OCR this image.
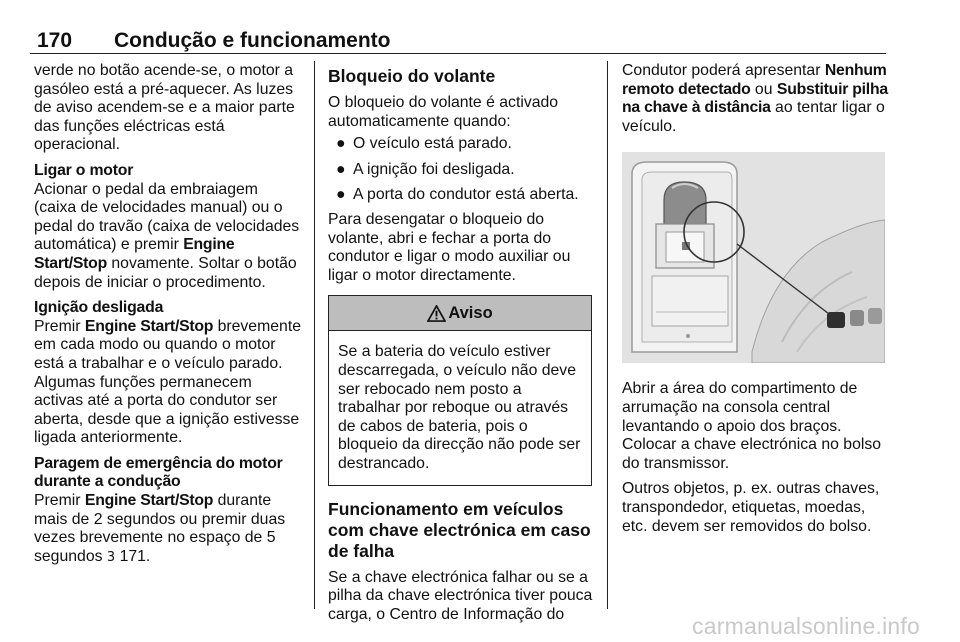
170 Condução e funcionamento

verde no botão acende-se, o motor a gasóleo está a pré-aquecer. As luzes de aviso acendem-se e a maior parte das funções eléctricas está operacional.

Ligar o motor

Acionar o pedal da embraiagem (caixa de velocidades manual) ou o pedal do travão (caixa de velocidades automática) e premir Engine Start/Stop novamente. Soltar o botão depois de iniciar o procedimento.

Ignição desligada

Premir Engine Start/Stop brevemente em cada modo ou quando o motor está a trabalhar e o veículo parado. Algumas funções permanecem activas até a porta do condutor ser aberta, desde que a ignição estivesse ligada anteriormente.

Paragem de emergência do motor durante a condução

Premir Engine Start/Stop durante mais de 2 segundos ou premir duas vezes brevemente no espaço de 5 segundos 3 171.

Bloqueio do volante

O bloqueio do volante é activado automaticamente quando:

● O veículo está parado.
● A ignição foi desligada.
● A porta do condutor está aberta.

Para desengatar o bloqueio do volante, abri e fechar a porta do condutor e ligar o modo auxiliar ou ligar o motor directamente.

Aviso
Se a bateria do veículo estiver descarregada, o veículo não deve ser rebocado nem posto a trabalhar por reboque ou através de cabos de bateria, pois o bloqueio da direcção não pode ser destrancado.
Funcionamento em veículos com chave electrónica em caso de falha

Se a chave electrónica falhar ou se a pilha da chave electrónica tiver pouca carga, o Centro de Informação do

Condutor poderá apresentar Nenhum remoto detectado ou Substituir pilha na chave à distância ao tentar ligar o veículo.

Abrir a área do compartimento de arrumação na consola central levantando o apoio dos braços. Colocar a chave electrónica no bolso do transmissor.

Outros objetos, p. ex. outras chaves, transpondedor, etiquetas, moedas, etc. devem ser removidos do bolso.

carmanualsonline.info
